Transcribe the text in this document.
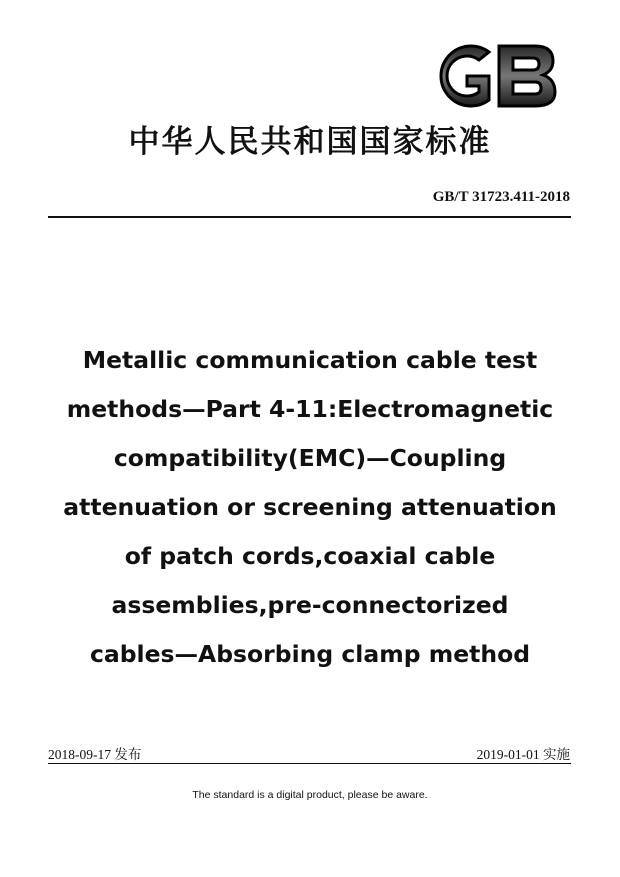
中华人民共和国国家标准
GB/T 31723.411-2018
Metallic communication cable test
methods—Part 4-11:Electromagnetic
compatibility(EMC)—Coupling
attenuation or screening attenuation
of patch cords,coaxial cable
assemblies,pre-connectorized
cables—Absorbing clamp method
2018-09-17 发布	2019-01-01 实施
The standard is a digital product, please be aware.
